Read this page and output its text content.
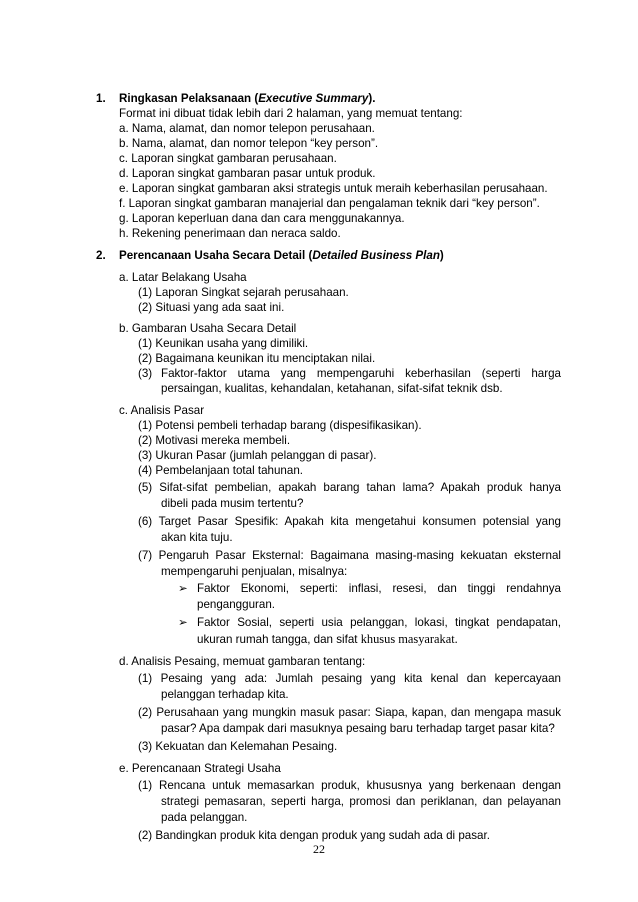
1. Ringkasan Pelaksanaan (Executive Summary).
Format ini dibuat tidak lebih dari 2 halaman, yang memuat tentang:
a. Nama, alamat, dan nomor telepon perusahaan.
b. Nama, alamat, dan nomor telepon “key person”.
c. Laporan singkat gambaran perusahaan.
d. Laporan singkat gambaran pasar untuk produk.
e. Laporan singkat gambaran aksi strategis untuk meraih keberhasilan perusahaan.
f. Laporan singkat gambaran manajerial dan pengalaman teknik dari “key person”.
g. Laporan keperluan dana dan cara menggunakannya.
h. Rekening penerimaan dan neraca saldo.
2. Perencanaan Usaha Secara Detail (Detailed Business Plan)
a. Latar Belakang Usaha
(1) Laporan Singkat sejarah perusahaan.
(2) Situasi yang ada saat ini.
b. Gambaran Usaha Secara Detail
(1) Keunikan usaha yang dimiliki.
(2) Bagaimana keunikan itu menciptakan nilai.
(3) Faktor-faktor utama yang mempengaruhi keberhasilan (seperti harga
persaingan, kualitas, kehandalan, ketahanan, sifat-sifat teknik dsb.
c. Analisis Pasar
(1) Potensi pembeli terhadap barang (dispesifikasikan).
(2) Motivasi mereka membeli.
(3) Ukuran Pasar (jumlah pelanggan di pasar).
(4) Pembelanjaan total tahunan.
(5) Sifat-sifat pembelian, apakah barang tahan lama? Apakah produk hanya
dibeli pada musim tertentu?
(6) Target Pasar Spesifik: Apakah kita mengetahui konsumen potensial yang
akan kita tuju.
(7) Pengaruh Pasar Eksternal: Bagaimana masing-masing kekuatan eksternal
mempengaruhi penjualan, misalnya:
➢ Faktor Ekonomi, seperti: inflasi, resesi, dan tinggi rendahnya
pengangguran.
➢ Faktor Sosial, seperti usia pelanggan, lokasi, tingkat pendapatan,
ukuran rumah tangga, dan sifat khusus masyarakat.
d. Analisis Pesaing, memuat gambaran tentang:
(1) Pesaing yang ada: Jumlah pesaing yang kita kenal dan kepercayaan
pelanggan terhadap kita.
(2) Perusahaan yang mungkin masuk pasar: Siapa, kapan, dan mengapa masuk
pasar? Apa dampak dari masuknya pesaing baru terhadap target pasar kita?
(3) Kekuatan dan Kelemahan Pesaing.
e. Perencanaan Strategi Usaha
(1) Rencana untuk memasarkan produk, khususnya yang berkenaan dengan
strategi pemasaran, seperti harga, promosi dan periklanan, dan pelayanan
pada pelanggan.
(2) Bandingkan produk kita dengan produk yang sudah ada di pasar.
22
